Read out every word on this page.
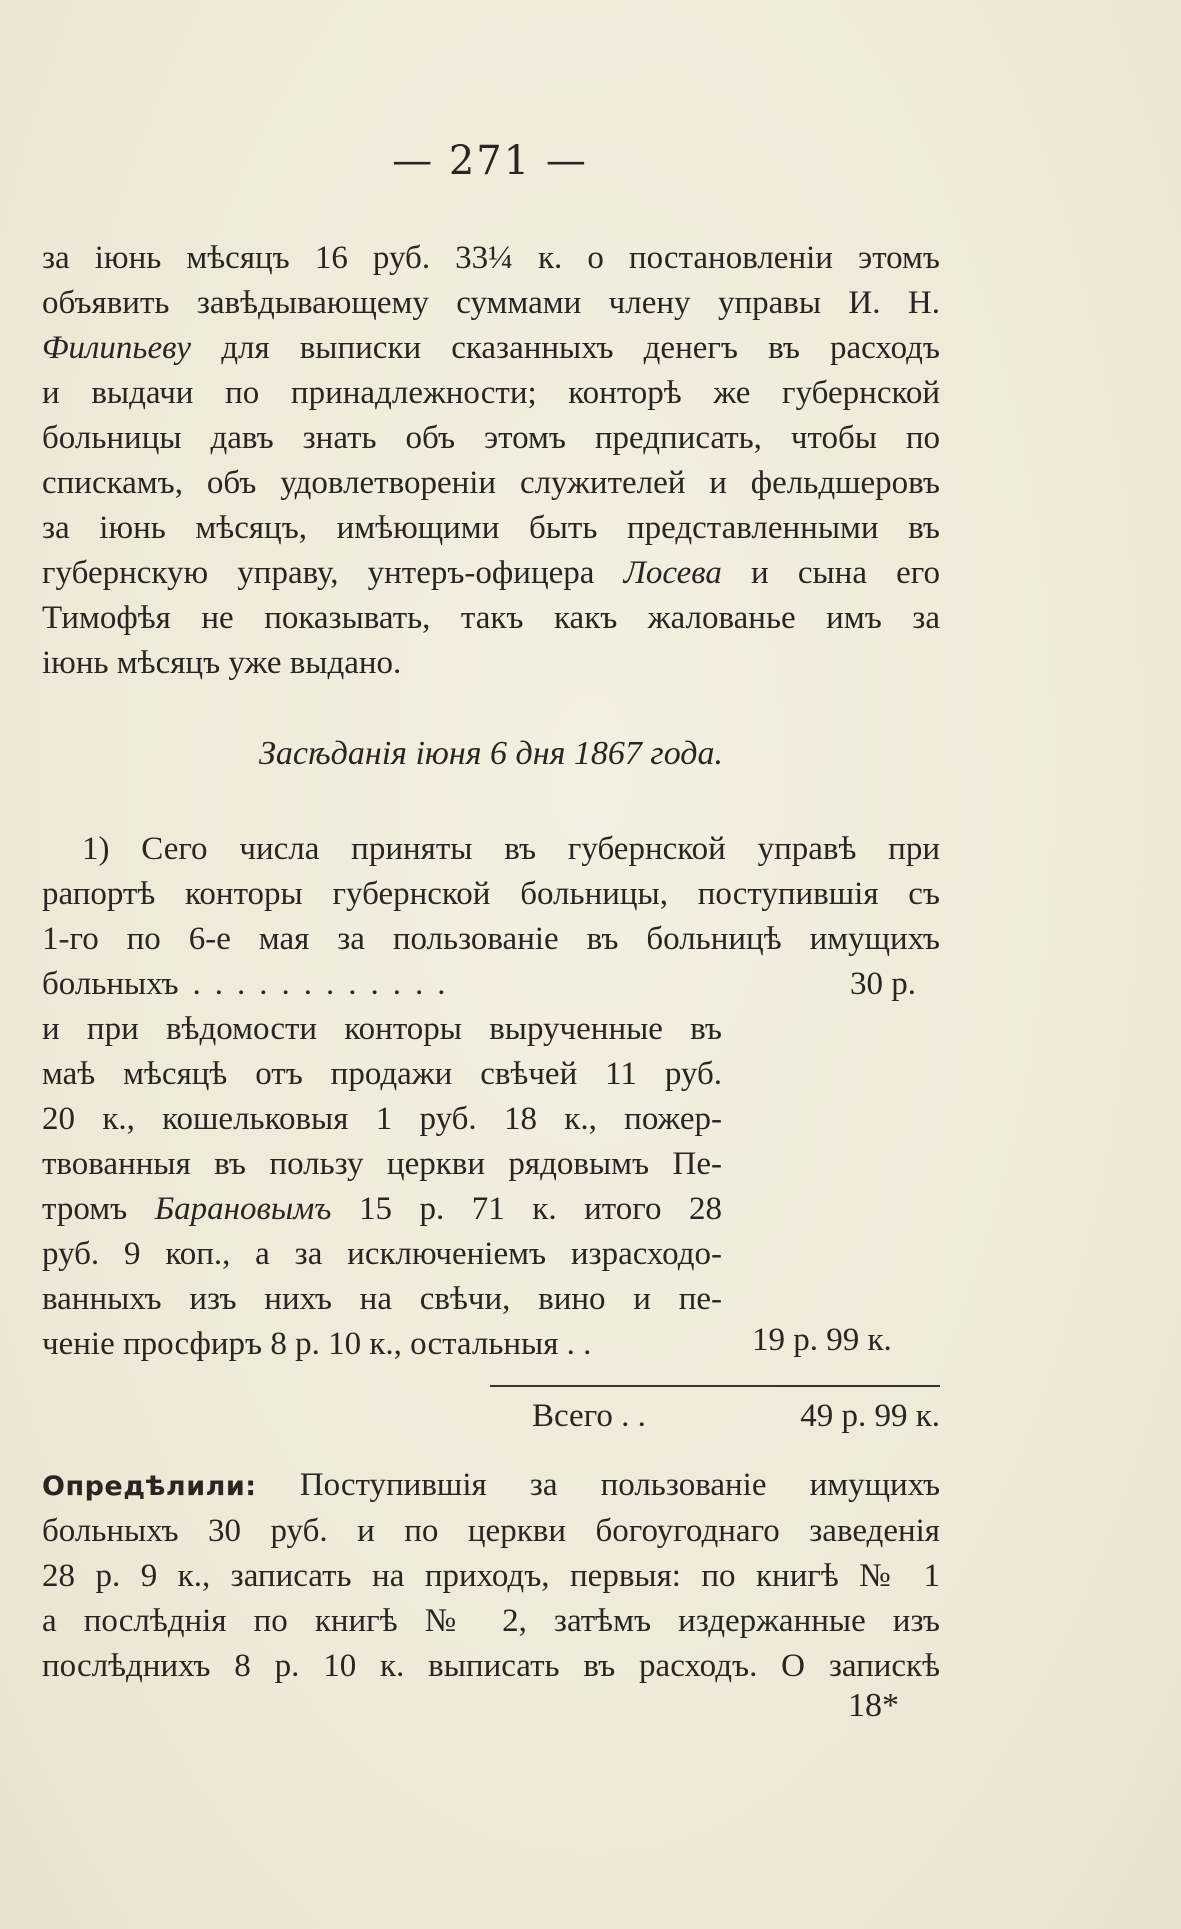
— 271 —
за іюнь мѣсяцъ 16 руб. 33¼ к. о постановленіи этомъ
объявить завѣдывающему суммами члену управы И. Н.
Филипьеву для выписки сказанныхъ денегъ въ расходъ
и выдачи по принадлежности; конторѣ же губернской
больницы давъ знать объ этомъ предписать, чтобы по
спискамъ, объ удовлетвореніи служителей и фельдшеровъ
за іюнь мѣсяцъ, имѣющими быть представленными въ
губернскую управу, унтеръ-офицера Лосева и сына его
Тимофѣя не показывать, такъ какъ жалованье имъ за
іюнь мѣсяцъ уже выдано.
Засѣданія іюня 6 дня 1867 года.
1) Сего числа приняты въ губернской управѣ при
рапортѣ конторы губернской больницы, поступившія съ
1-го по 6-е мая за пользованіе въ больницѣ имущихъ
больныхъ ............	30 р.
и при вѣдомости конторы вырученные въ
маѣ мѣсяцѣ отъ продажи свѣчей 11 руб.
20 к., кошельковыя 1 руб. 18 к., пожер-
твованныя въ пользу церкви рядовымъ Пе-
тромъ Барановымъ 15 р. 71 к. итого 28
руб. 9 коп., а за исключеніемъ израсходо-
ванныхъ изъ нихъ на свѣчи, вино и пе-
ченіе просфиръ 8 р. 10 к., остальныя . .	19 р. 99 к.
Всего . .	49 р. 99 к.
Опредѣлили: Поступившія за пользованіе имущихъ
больныхъ 30 руб. и по церкви богоугоднаго заведенія
28 р. 9 к., записать на приходъ, первыя: по книгѣ № 1
а послѣднія по книгѣ № 2, затѣмъ издержанные изъ
послѣднихъ 8 р. 10 к. выписать въ расходъ. О запискѣ
18*
